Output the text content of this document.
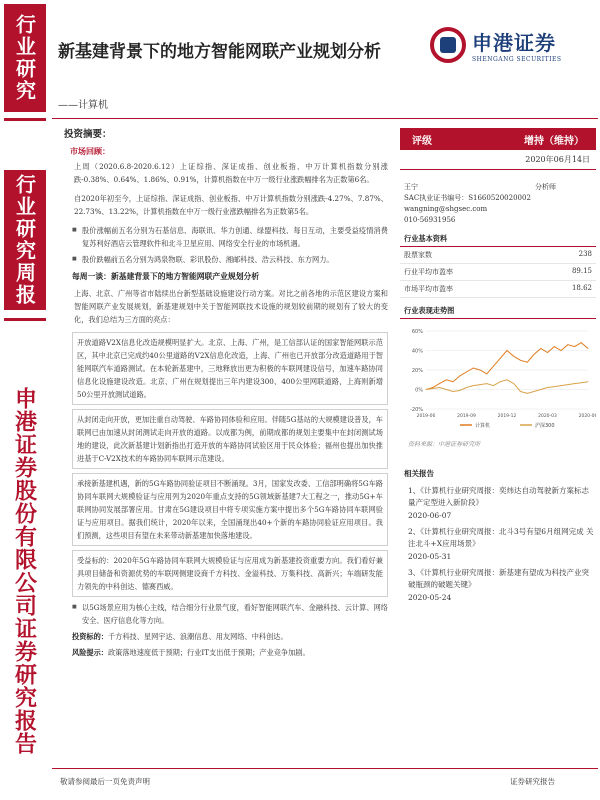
行业研究
行业研究周报
申港证券股份有限公司证券研究报告
新基建背景下的地方智能网联产业规划分析
——计算机
申港证券
SHENGANG SECURITIES
投资摘要：
市场回顾：
上周（2020.6.8-2020.6.12）上证综指、深证成指、创业板指、中万计算机指数分别涨跌-0.38%、0.64%、1.86%、0.91%，计算机指数在中万一级行业涨跌幅排名为正数第6名。
自2020年初至今，上证综指、深证成指、创业板指、中万计算机指数分别涨跌-4.27%、7.87%、22.73%、13.22%，计算机指数在中万一级行业涨跌幅排名为正数第5名。
■ 股价涨幅前五名分别为石基信息、海联讯、华力创通、绿盟科技、每日互动，主要受益疫情消费复苏利好酒店云管理软件和北斗卫星应用、网络安全行业的市场机遇。
■ 股价跌幅前五名分别为鸿泉物联、彩讯股份、湘邮科技、浩云科技、东方网力。
每周一谈：新基建背景下的地方智能网联产业规划分析
上海、北京、广州等省市陆续出台新型基础设施建设行动方案。对比之前各地的示范区建设方案和智能网联产业发展规划，新基建规划中关于智能网联技术设施的规划较前期的规划有了较大的变化，我们总结为三方面的亮点：
开放道路V2X信息化改造规模明显扩大。北京、上海、广州，是工信部认证的国家智能网联示范区，其中北京已完成约40公里道路的V2X信息化改造，上海、广州也已开放部分改造道路用于智能网联汽车道路测试。在本轮新基建中，三地释放出更为积极的车联网建设信号，加速车路协同信息化设施建设改造。北京、广州在规划提出三年内建设300、400公里网联道路，上海则新增50公里开放测试道路。
从封闭走向开放，更加注重自动驾驶、车路协同体验和应用。伴随5G基站的大规模建设普及，车联网已由加速从封闭测试走向开放的道路。以成都为例，前期成都的规划主要集中在封闭测试场地的建设，此次新基建计划新指出打造开放的车路协同试验区用于民众体验；福州也提出加快推进基于C-V2X技术的车路协同车联网示范建设。
承接新基建机遇，新的5G车路协同验证项目不断涌现。3月，国家发改委、工信部明确将5G车路协同车联网大规模验证与应用列为2020年重点支持的5G领域新基建7大工程之一，推动5G+车联网协同发展部署应用。甘肃在5G建设项目中将专项实施方案中提出多个5G车路协同车联网验证与应用项目。据我们统计，2020年以来，全国涌现出40+个新的车路协同验证应用项目。我们预测，这些项目有望在未来带动新基建加快落地建设。
受益标的：2020年5G车路协同车联网大规模验证与应用成为新基建投资重要方向。我们看好兼具项目储备和资源优势的车联网侧建设商千方科技、金溢科技、万集科技、高新兴；车端研发能力领先的中科创达、德赛西威。
■ 以5G场景应用为核心主线，结合细分行业景气度，看好智能网联汽车、金融科技、云计算、网络安全、医疗信息化等方向。
投资标的：千方科技、星网宇达、浪潮信息、用友网络、中科创达。
风险提示：政策落地速度低于预期；行业IT支出低于预期；产业竞争加剧。
评级	增持（维持）
2020年06月14日
王宁	分析师
SAC执业证书编号：S1660520020002
wangning@shgsec.com
010-56931956
行业基本资料
股票家数	238
行业平均市盈率	89.15
市场平均市盈率	18.62
行业表现走势图
-20%
0%
20%
40%
60%
2019-06	2019-09	2019-12	2020-03	2020-06
计算机	沪深300
资料来源：中港证券研究所
相关报告
1、《计算机行业研究周报：奕炜达自动驾驶新方案标志量产定型进入新阶段》
2020-06-07
2、《计算机行业研究周报：北斗3号有望6月组网完成 关注北斗+X应用场景》
2020-05-31
3、《计算机行业研究周报：新基建有望成为科技产业突破瓶颈的破题关键》
2020-05-24
敬请参阅最后一页免责声明	证券研究报告
